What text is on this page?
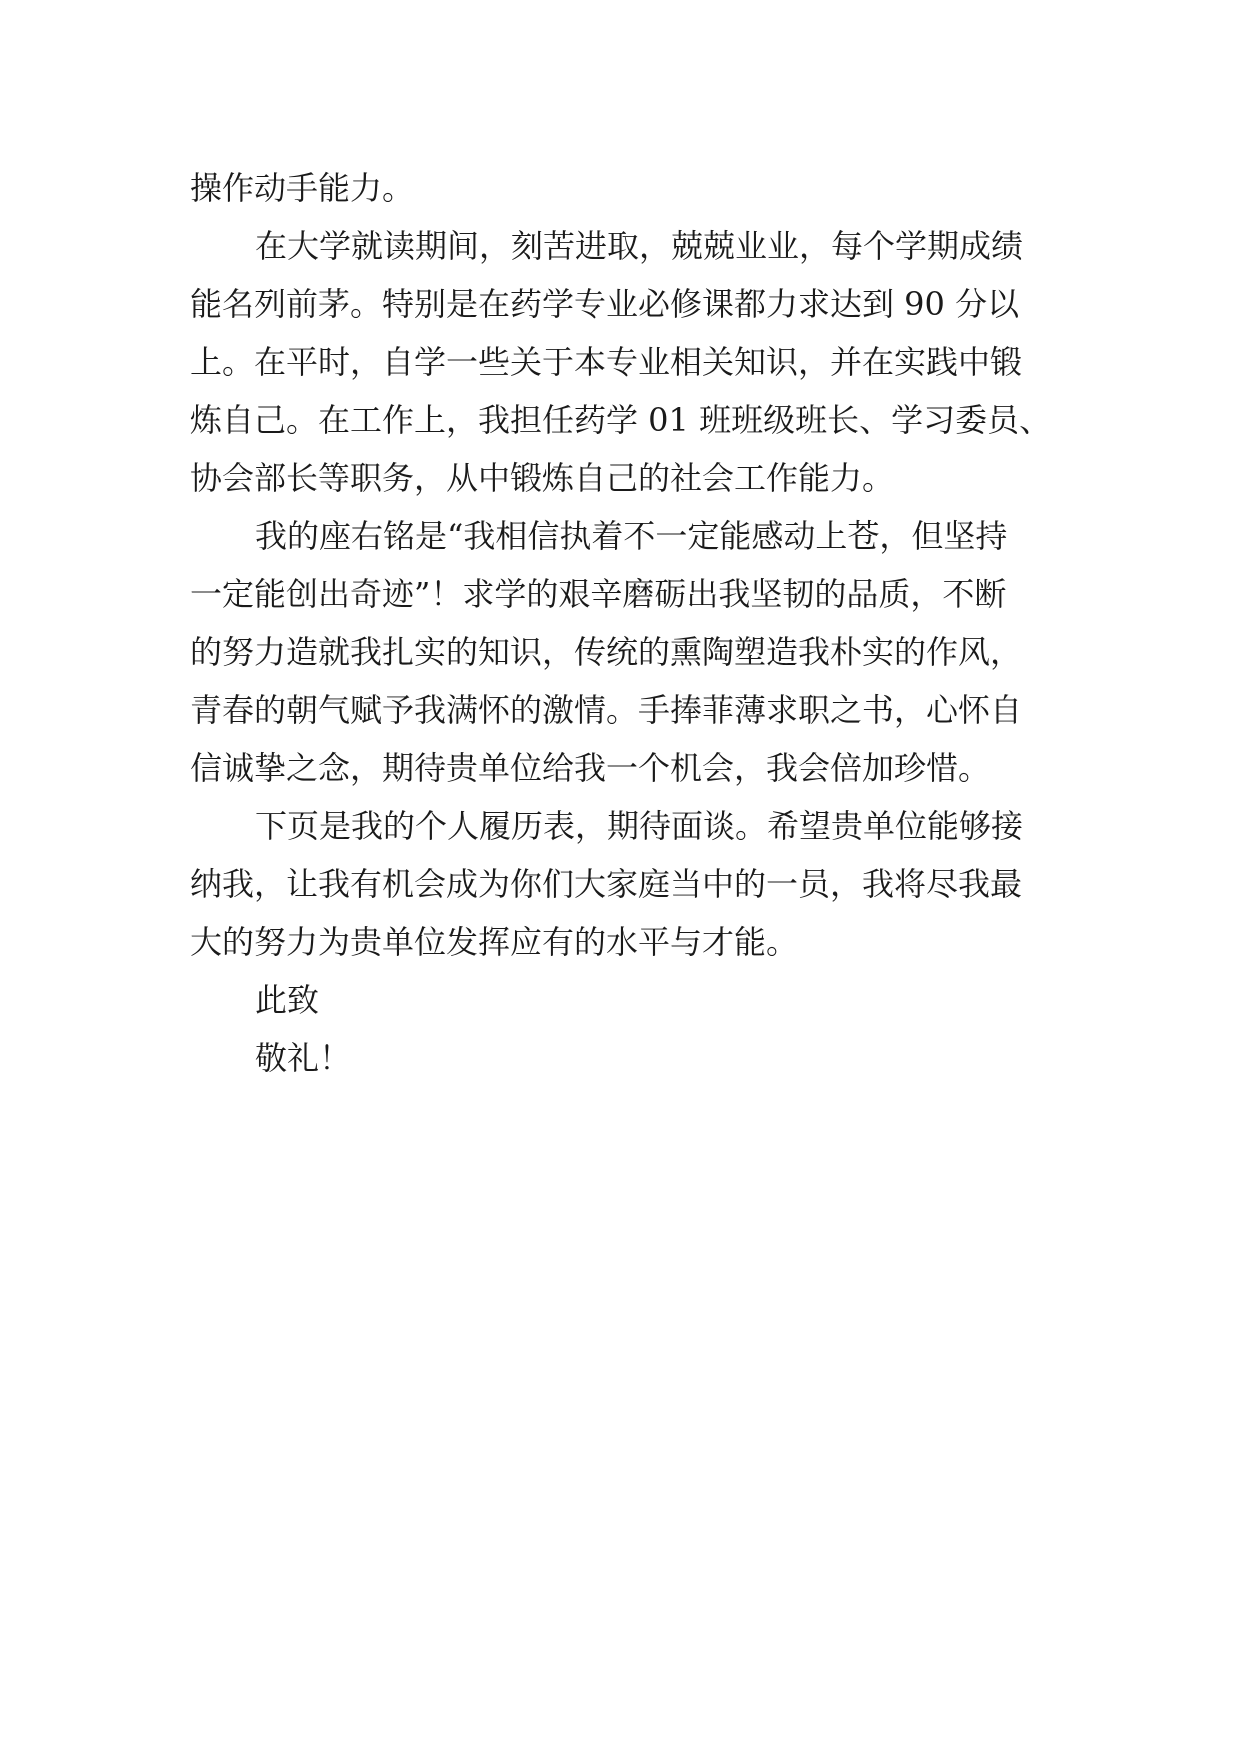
操作动手能力。
在大学就读期间，刻苦进取，兢兢业业，每个学期成绩
能名列前茅。特别是在药学专业必修课都力求达到 90 分以
上。在平时，自学一些关于本专业相关知识，并在实践中锻
炼自己。在工作上，我担任药学 01 班班级班长、学习委员、
协会部长等职务，从中锻炼自己的社会工作能力。
我的座右铭是“我相信执着不一定能感动上苍，但坚持
一定能创出奇迹”！求学的艰辛磨砺出我坚韧的品质，不断
的努力造就我扎实的知识，传统的熏陶塑造我朴实的作风，
青春的朝气赋予我满怀的激情。手捧菲薄求职之书，心怀自
信诚挚之念，期待贵单位给我一个机会，我会倍加珍惜。
下页是我的个人履历表，期待面谈。希望贵单位能够接
纳我，让我有机会成为你们大家庭当中的一员，我将尽我最
大的努力为贵单位发挥应有的水平与才能。
此致
敬礼！
